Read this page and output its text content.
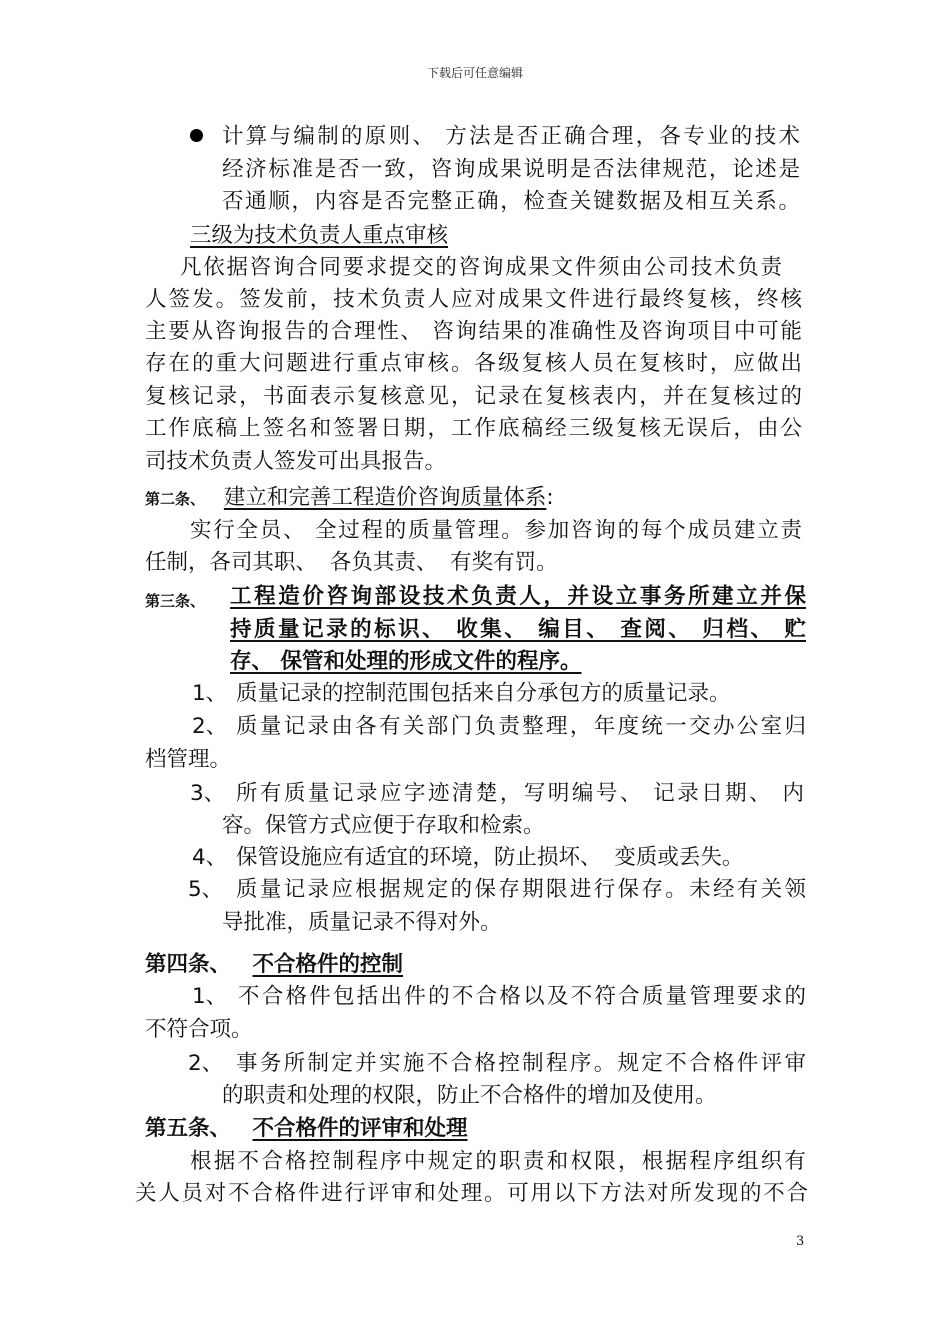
下载后可任意编辑
计算与编制的原则、 方法是否正确合理，各专业的技术
经济标准是否一致，咨询成果说明是否法律规范，论述是
否通顺，内容是否完整正确，检查关键数据及相互关系。
三级为技术负责人重点审核
凡依据咨询合同要求提交的咨询成果文件须由公司技术负责
人签发。签发前，技术负责人应对成果文件进行最终复核，终核
主要从咨询报告的合理性、 咨询结果的准确性及咨询项目中可能
存在的重大问题进行重点审核。各级复核人员在复核时，应做出
复核记录，书面表示复核意见，记录在复核表内，并在复核过的
工作底稿上签名和签署日期，工作底稿经三级复核无误后，由公
司技术负责人签发可出具报告。
第二条、 建立和完善工程造价咨询质量体系:
实行全员、 全过程的质量管理。参加咨询的每个成员建立责
任制，各司其职、 各负其责、 有奖有罚。
第三条、 工程造价咨询部设技术负责人，并设立事务所建立并保
持质量记录的标识、 收集、 编目、 查阅、 归档、 贮
存、 保管和处理的形成文件的程序。
1、 质量记录的控制范围包括来自分承包方的质量记录。
2、 质量记录由各有关部门负责整理，年度统一交办公室归
档管理。
3、 所有质量记录应字迹清楚，写明编号、 记录日期、 内
容。保管方式应便于存取和检索。
4、 保管设施应有适宜的环境，防止损坏、 变质或丢失。
5、 质量记录应根据规定的保存期限进行保存。未经有关领
导批准，质量记录不得对外。
第四条、 不合格件的控制
1、 不合格件包括出件的不合格以及不符合质量管理要求的
不符合项。
2、 事务所制定并实施不合格控制程序。规定不合格件评审
的职责和处理的权限，防止不合格件的增加及使用。
第五条、 不合格件的评审和处理
根据不合格控制程序中规定的职责和权限，根据程序组织有
关人员对不合格件进行评审和处理。可用以下方法对所发现的不合
3
